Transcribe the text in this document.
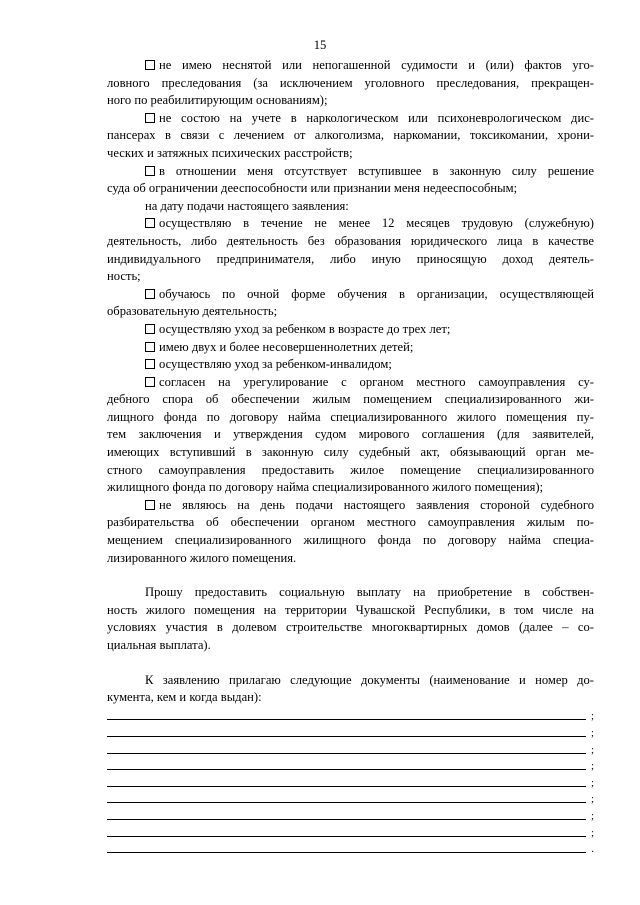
15

не имею неснятой или непогашенной судимости и (или) фактов уго-

ловного преследования (за исключением уголовного преследования, прекращен-

ного по реабилитирующим основаниям);

не состою на учете в наркологическом или психоневрологическом дис-

пансерах в связи с лечением от алкоголизма, наркомании, токсикомании, хрони-

ческих и затяжных психических расстройств;

в отношении меня отсутствует вступившее в законную силу решение

суда об ограничении дееспособности или признании меня недееспособным;

на дату подачи настоящего заявления:

осуществляю в течение не менее 12 месяцев трудовую (служебную)

деятельность, либо деятельность без образования юридического лица в качестве

индивидуального предпринимателя, либо иную приносящую доход деятель-

ность;

обучаюсь по очной форме обучения в организации, осуществляющей

образовательную деятельность;

осуществляю уход за ребенком в возрасте до трех лет;

имею двух и более несовершеннолетних детей;

осуществляю уход за ребенком-инвалидом;

согласен на урегулирование с органом местного самоуправления су-

дебного спора об обеспечении жилым помещением специализированного жи-

лищного фонда по договору найма специализированного жилого помещения пу-

тем заключения и утверждения судом мирового соглашения (для заявителей,

имеющих вступивший в законную силу судебный акт, обязывающий орган ме-

стного самоуправления предоставить жилое помещение специализированного

жилищного фонда по договору найма специализированного жилого помещения);

не являюсь на день подачи настоящего заявления стороной судебного

разбирательства об обеспечении органом местного самоуправления жилым по-

мещением специализированного жилищного фонда по договору найма специа-

лизированного жилого помещения.

Прошу предоставить социальную выплату на приобретение в собствен-

ность жилого помещения на территории Чувашской Республики, в том числе на

условиях участия в долевом строительстве многоквартирных домов (далее – со-

циальная выплата).

К заявлению прилагаю следующие документы (наименование и номер до-

кумента, кем и когда выдан):

;
;
;
;
;
;
;
;
.
